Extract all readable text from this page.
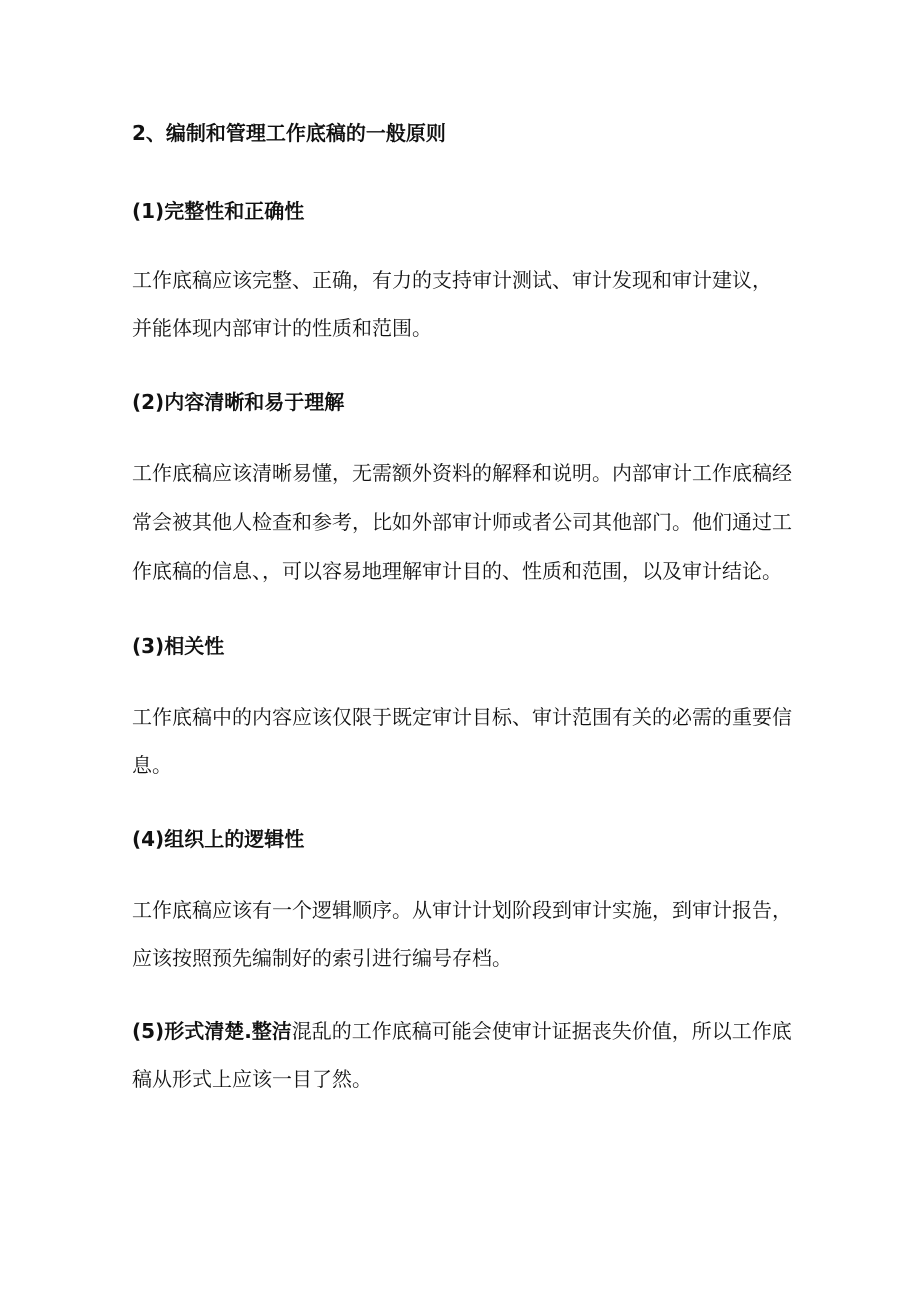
2、编制和管理工作底稿的一般原则
(1)完整性和正确性
工作底稿应该完整、正确，有力的支持审计测试、审计发现和审计建议，
并能体现内部审计的性质和范围。
(2)内容清晰和易于理解
工作底稿应该清晰易懂，无需额外资料的解释和说明。内部审计工作底稿经
常会被其他人检查和参考，比如外部审计师或者公司其他部门。他们通过工
作底稿的信息、，可以容易地理解审计目的、性质和范围，以及审计结论。
(3)相关性
工作底稿中的内容应该仅限于既定审计目标、审计范围有关的必需的重要信
息。
(4)组织上的逻辑性
工作底稿应该有一个逻辑顺序。从审计计划阶段到审计实施，到审计报告，
应该按照预先编制好的索引进行编号存档。
(5)形式清楚.整洁混乱的工作底稿可能会使审计证据丧失价值，所以工作底
稿从形式上应该一目了然。
